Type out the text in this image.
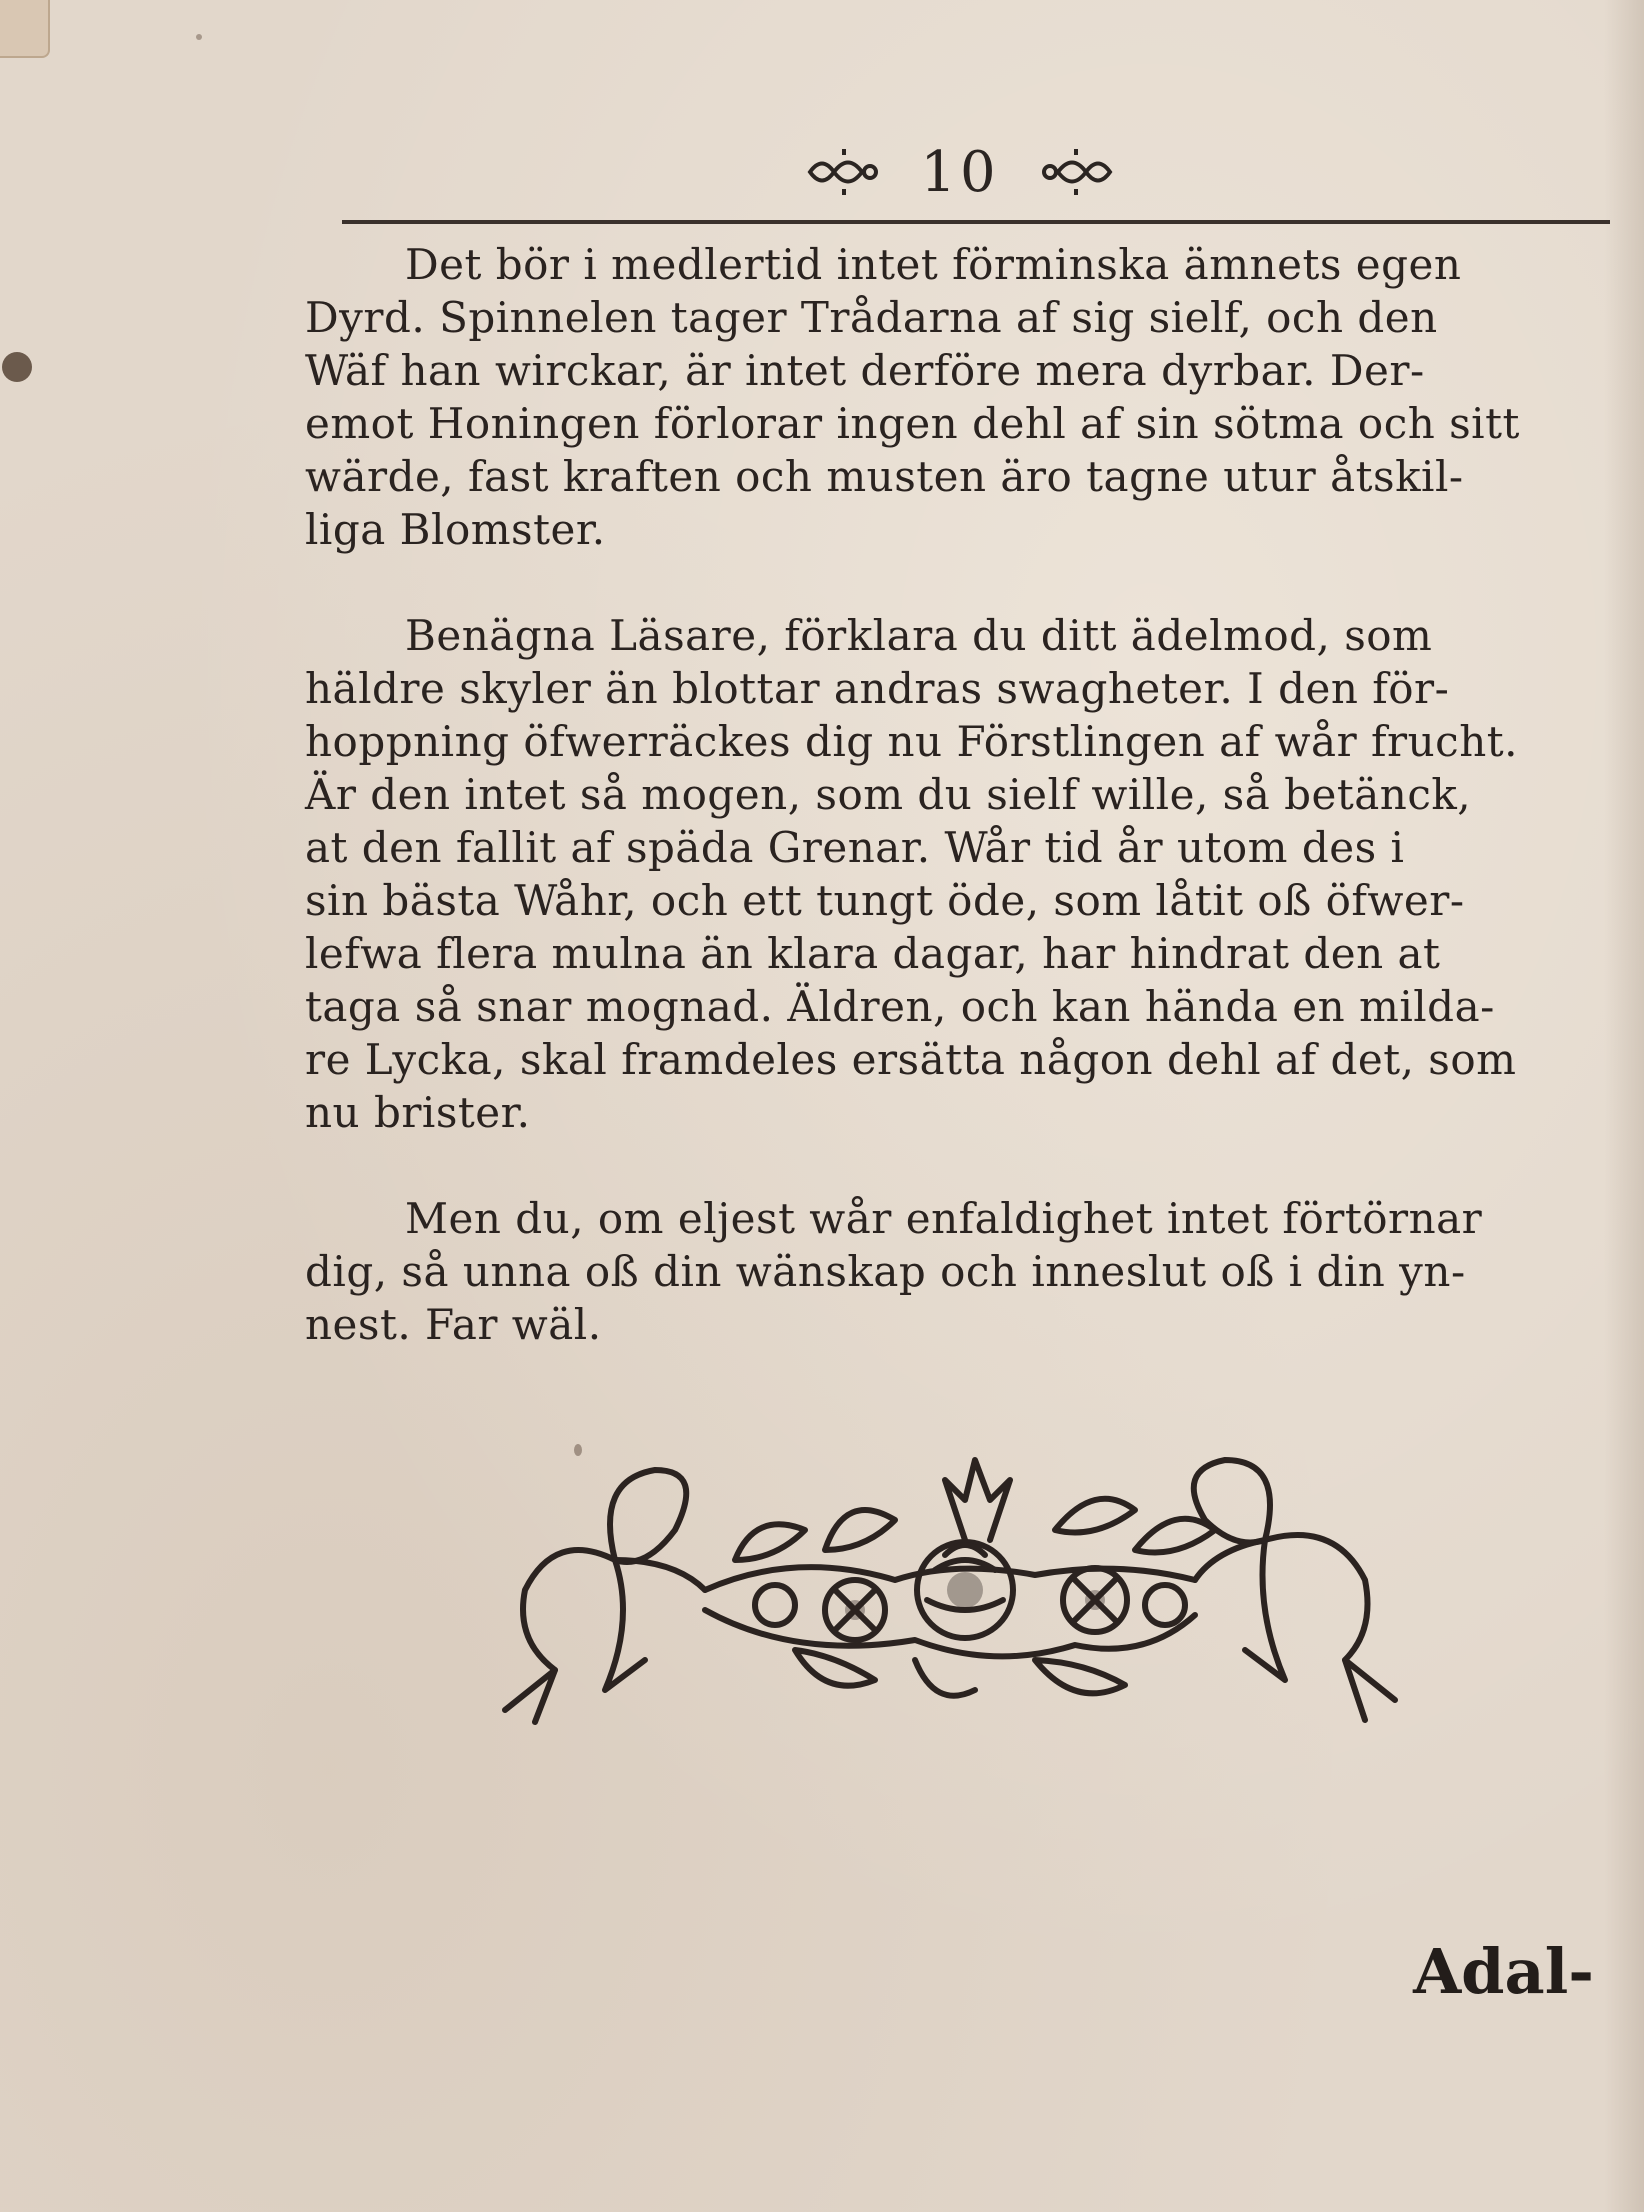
10
Det bör i medlertid intet förminska ämnets egen
Dyrd. Spinnelen tager Trådarna af sig sielf, och den
Wäf han wirckar, är intet derföre mera dyrbar. Der-
emot Honingen förlorar ingen dehl af sin sötma och sitt
wärde, fast kraften och musten äro tagne utur åtskil-
liga Blomster.
Benägna Läsare, förklara du ditt ädelmod, som
häldre skyler än blottar andras swagheter. I den för-
hoppning öfwerräckes dig nu Förstlingen af wår frucht.
Är den intet så mogen, som du sielf wille, så betänck,
at den fallit af späda Grenar. Wår tid år utom des i
sin bästa Wåhr, och ett tungt öde, som låtit oß öfwer-
lefwa flera mulna än klara dagar, har hindrat den at
taga så snar mognad. Äldren, och kan hända en milda-
re Lycka, skal framdeles ersätta någon dehl af det, som
nu brister.
Men du, om eljest wår enfaldighet intet förtörnar
dig, så unna oß din wänskap och inneslut oß i din yn-
nest. Far wäl.
Adal-
